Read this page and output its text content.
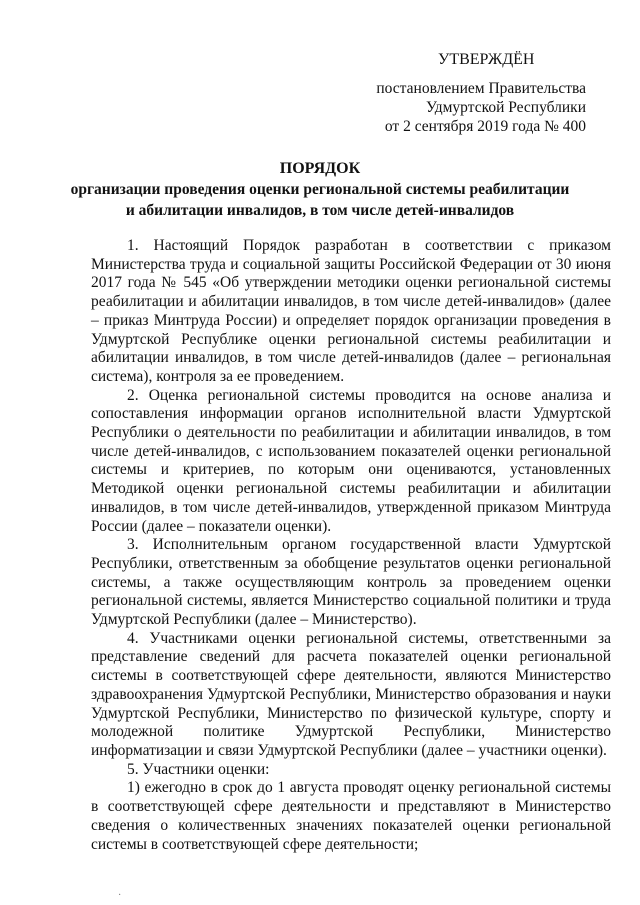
УТВЕРЖДЁН
постановлением Правительства
Удмуртской Республики
от 2 сентября 2019 года № 400
ПОРЯДОК
организации проведения оценки региональной системы реабилитации
и абилитации инвалидов, в том числе детей-инвалидов

1. Настоящий Порядок разработан в соответствии с приказом Министерства труда и социальной защиты Российской Федерации от 30 июня 2017 года № 545 «Об утверждении методики оценки региональной системы реабилитации и абилитации инвалидов, в том числе детей-инвалидов» (далее – приказ Минтруда России) и определяет порядок организации проведения в Удмуртской Республике оценки региональной системы реабилитации и абилитации инвалидов, в том числе детей-инвалидов (далее – региональная система), контроля за ее проведением.

2. Оценка региональной системы проводится на основе анализа и сопоставления информации органов исполнительной власти Удмуртской Республики о деятельности по реабилитации и абилитации инвалидов, в том числе детей-инвалидов, с использованием показателей оценки региональной системы и критериев, по которым они оцениваются, установленных Методикой оценки региональной системы реабилитации и абилитации инвалидов, в том числе детей-инвалидов, утвержденной приказом Минтруда России (далее – показатели оценки).

3. Исполнительным органом государственной власти Удмуртской Республики, ответственным за обобщение результатов оценки региональной системы, а также осуществляющим контроль за проведением оценки региональной системы, является Министерство социальной политики и труда Удмуртской Республики (далее – Министерство).

4. Участниками оценки региональной системы, ответственными за представление сведений для расчета показателей оценки региональной системы в соответствующей сфере деятельности, являются Министерство здравоохранения Удмуртской Республики, Министерство образования и науки Удмуртской Республики, Министерство по физической культуре, спорту и молодежной политике Удмуртской Республики, Министерство информатизации и связи Удмуртской Республики (далее – участники оценки).

5. Участники оценки:

1) ежегодно в срок до 1 августа проводят оценку региональной системы в соответствующей сфере деятельности и представляют в Министерство сведения о количественных значениях показателей оценки региональной системы в соответствующей сфере деятельности;

·
